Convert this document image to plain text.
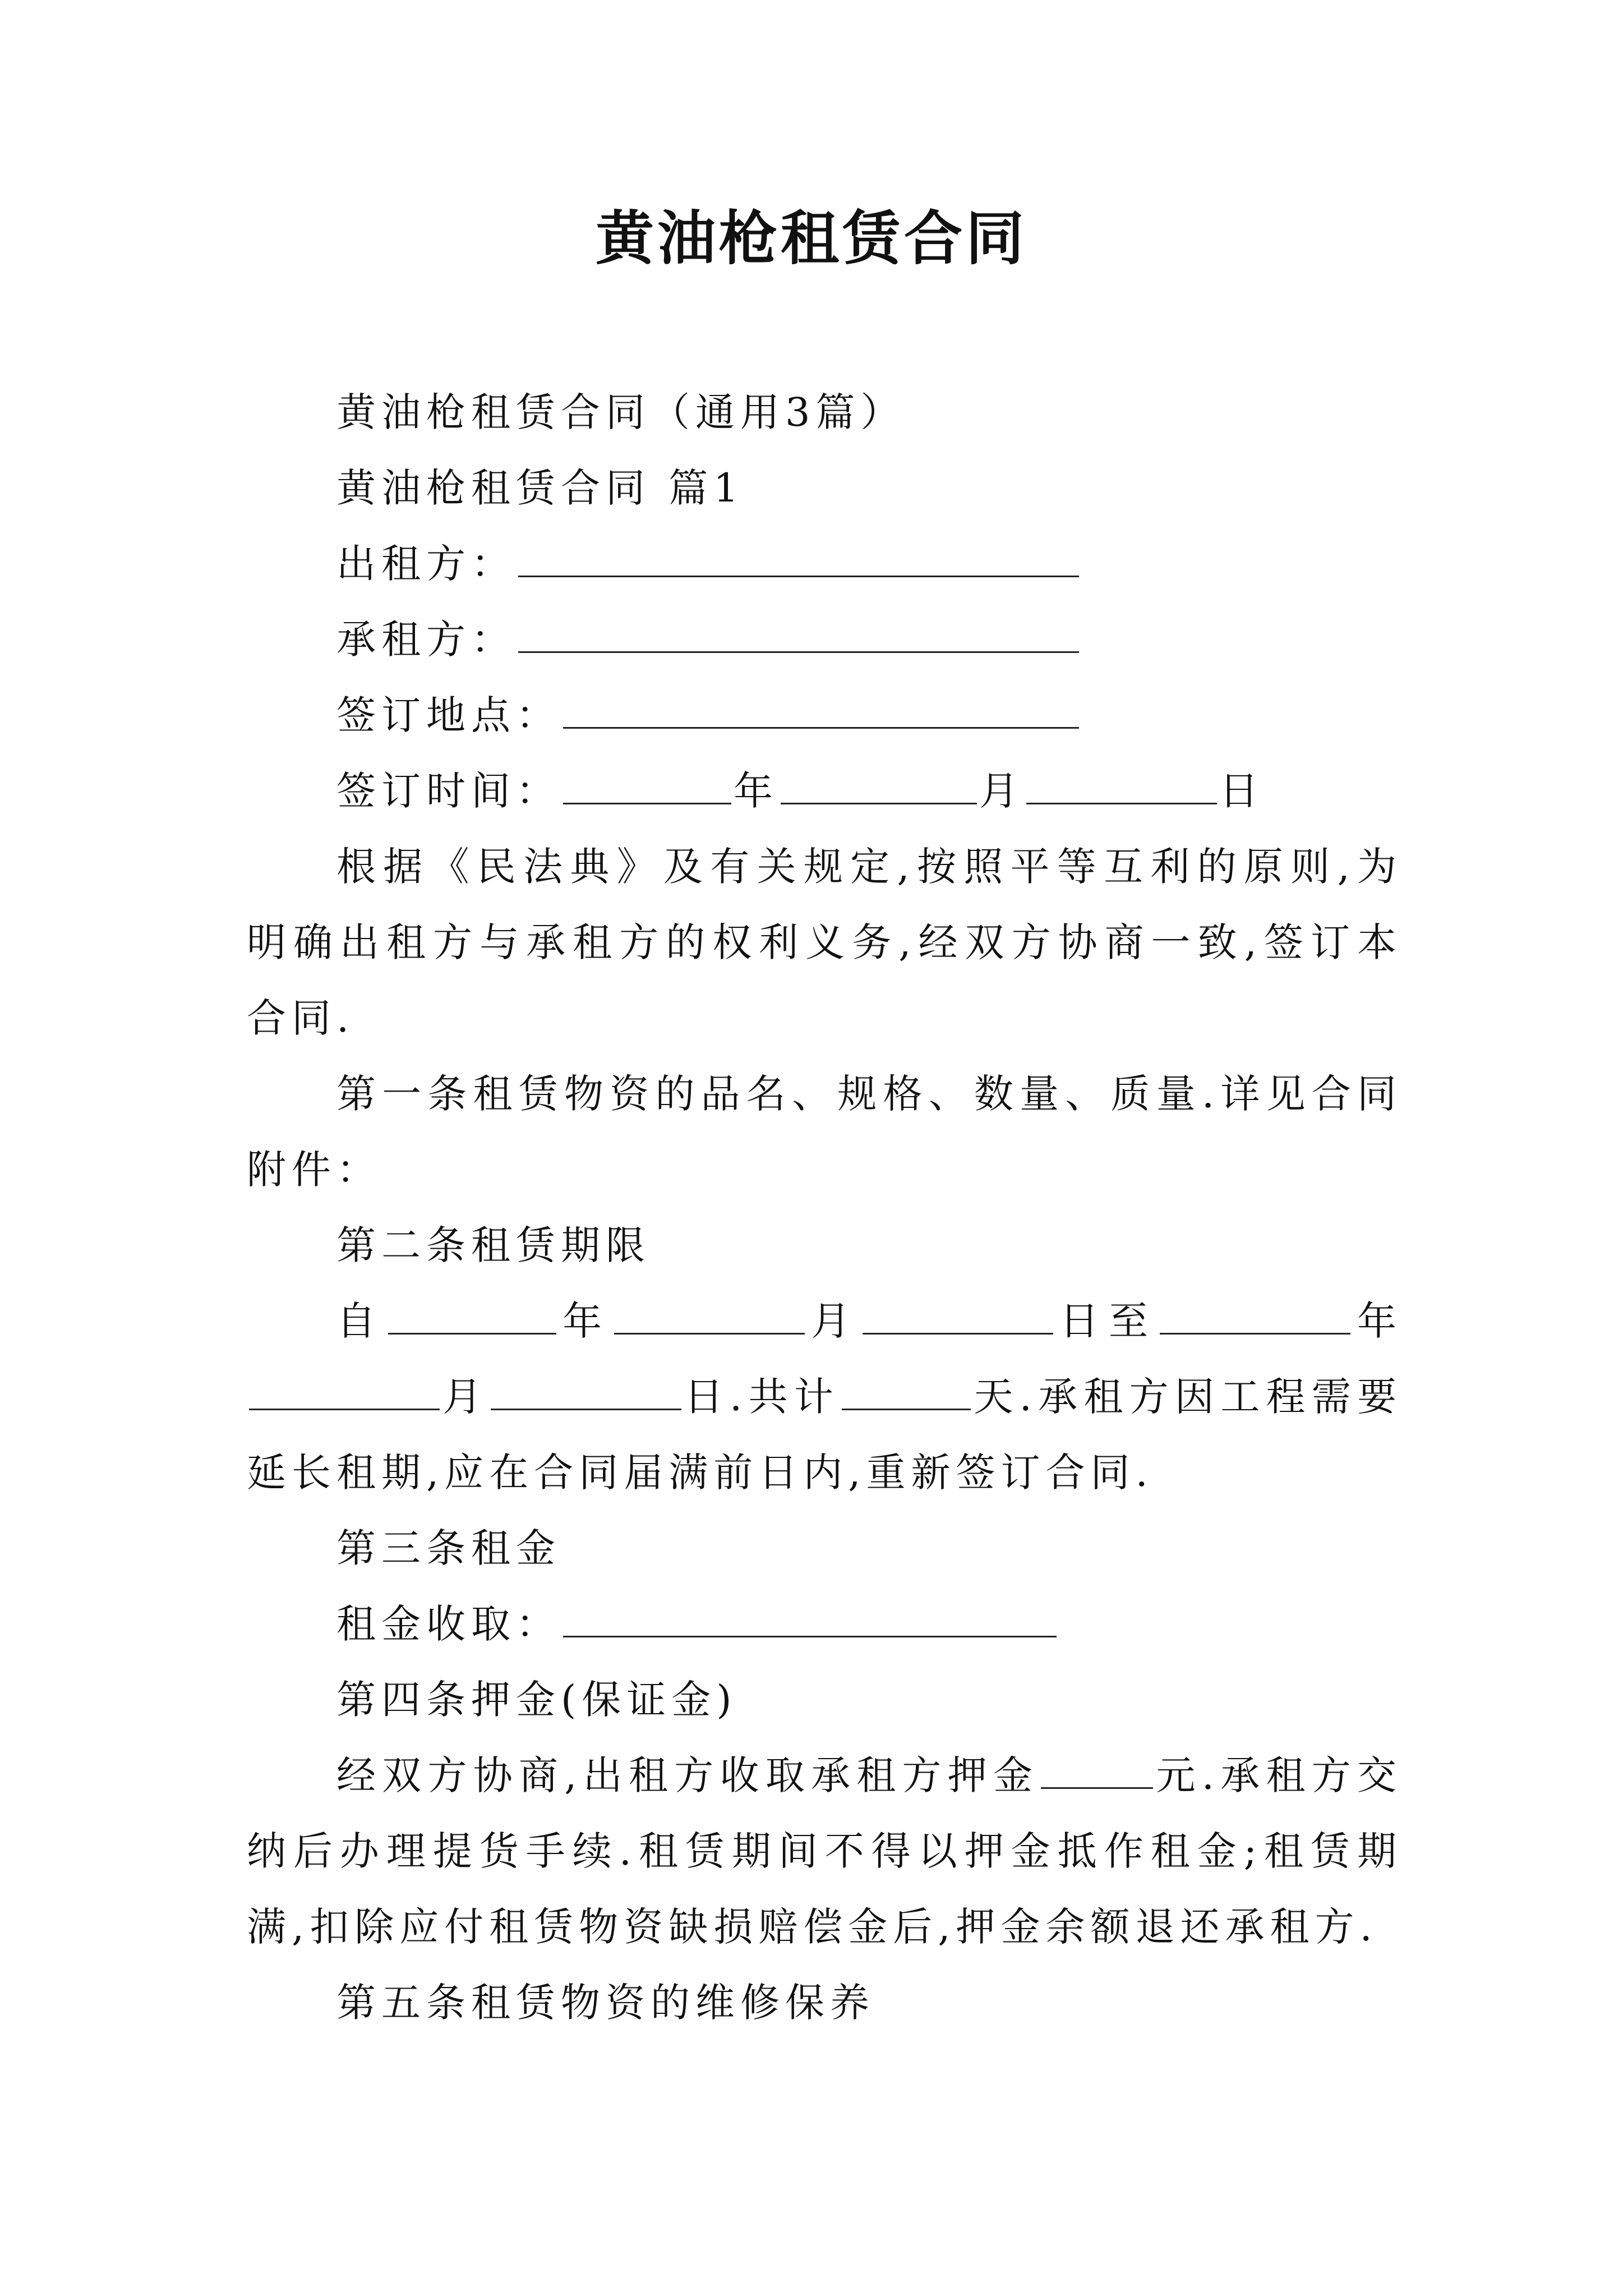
黄油枪租赁合同

黄油枪租赁合同（通用3篇）

黄油枪租赁合同 篇1

出租方：

承租方：

签订地点：

签订时间：	年	月	日

根据《民法典》及有关规定,按照平等互利的原则,为明确出租方与承租方的权利义务,经双方协商一致,签订本合同.

第一条租赁物资的品名、规格、数量、质量.详见合同附件：

第二条租赁期限

自	年	月	日至	年月	日.共计	天.承租方因工程需要延长租期,应在合同届满前日内,重新签订合同.

第三条租金

租金收取：

第四条押金(保证金)

经双方协商,出租方收取承租方押金	元.承租方交纳后办理提货手续.租赁期间不得以押金抵作租金;租赁期满,扣除应付租赁物资缺损赔偿金后,押金余额退还承租方.

第五条租赁物资的维修保养
